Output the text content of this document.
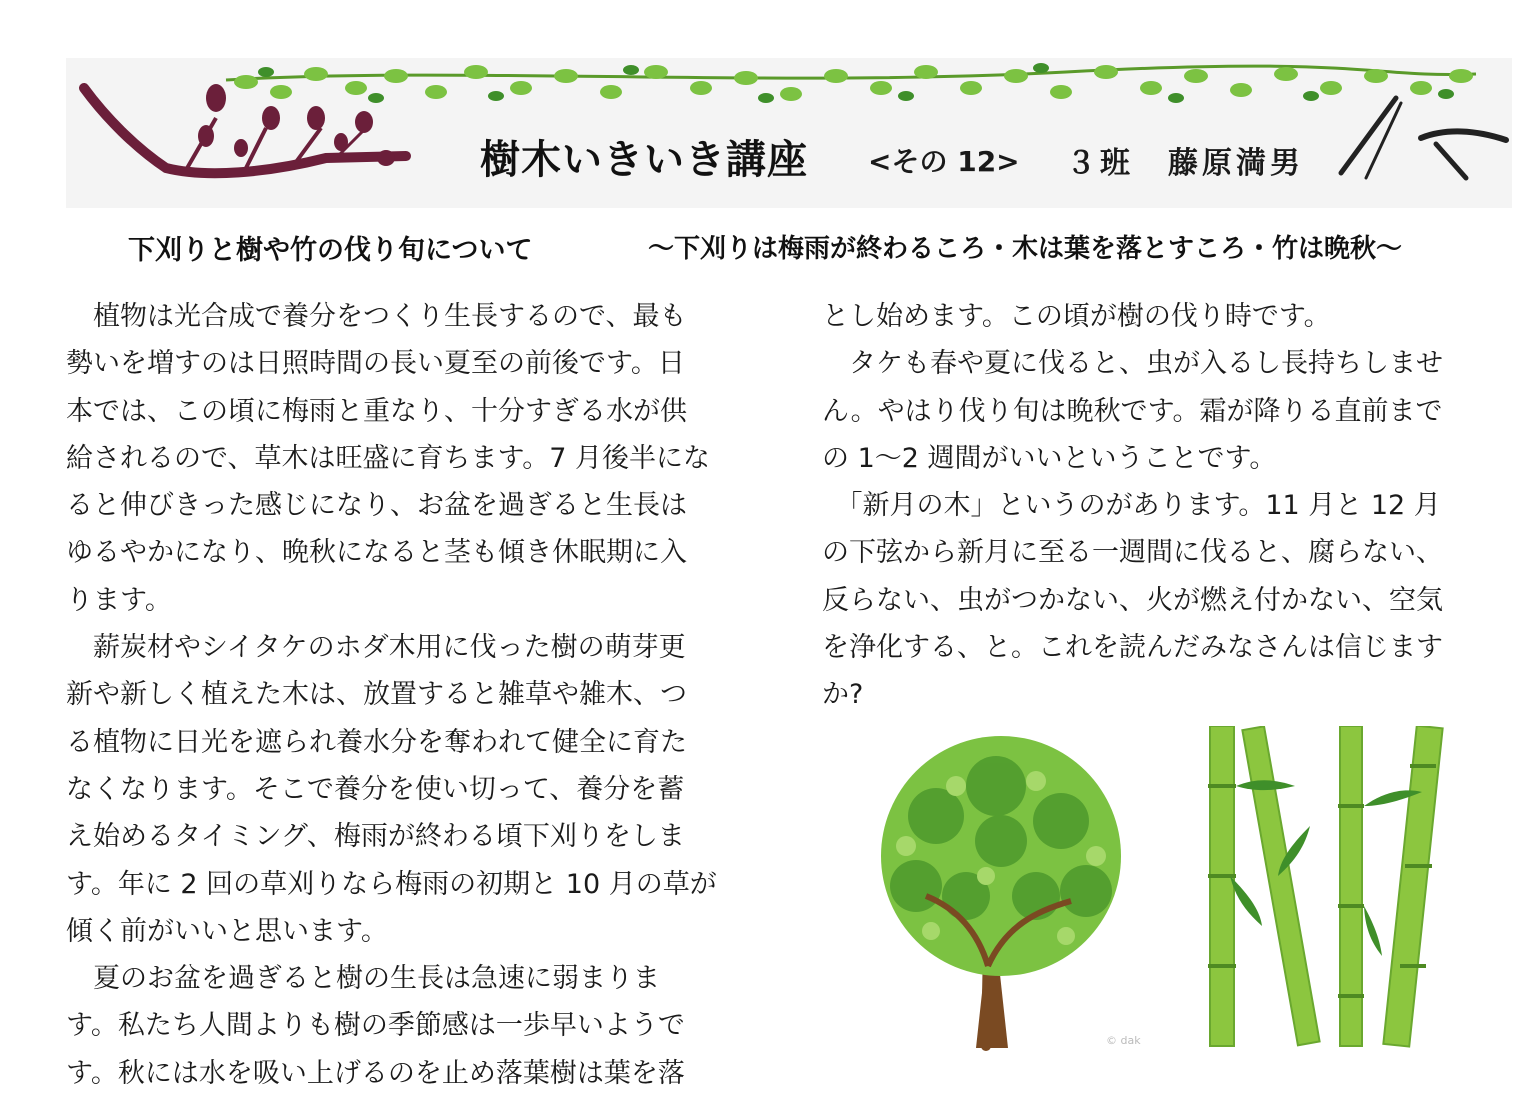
樹木いきいき講座 <その 12> ３班　藤原満男
下刈りと樹や竹の伐り旬について	～下刈りは梅雨が終わるころ・木は葉を落とすころ・竹は晩秋～
　植物は光合成で養分をつくり生長するので、最も
勢いを増すのは日照時間の長い夏至の前後です。日
本では、この頃に梅雨と重なり、十分すぎる水が供
給されるので、草木は旺盛に育ちます。7 月後半にな
ると伸びきった感じになり、お盆を過ぎると生長は
ゆるやかになり、晩秋になると茎も傾き休眠期に入
ります。
　薪炭材やシイタケのホダ木用に伐った樹の萌芽更
新や新しく植えた木は、放置すると雑草や雑木、つ
る植物に日光を遮られ養水分を奪われて健全に育た
なくなります。そこで養分を使い切って、養分を蓄
え始めるタイミング、梅雨が終わる頃下刈りをしま
す。年に 2 回の草刈りなら梅雨の初期と 10 月の草が
傾く前がいいと思います。
　夏のお盆を過ぎると樹の生長は急速に弱まりま
す。私たち人間よりも樹の季節感は一歩早いようで
す。秋には水を吸い上げるのを止め落葉樹は葉を落
とし始めます。この頃が樹の伐り時です。
　タケも春や夏に伐ると、虫が入るし長持ちしませ
ん。やはり伐り旬は晩秋です。霜が降りる直前まで
の 1～2 週間がいいということです。
　「新月の木」というのがあります。11 月と 12 月
の下弦から新月に至る一週間に伐ると、腐らない、
反らない、虫がつかない、火が燃え付かない、空気
を浄化する、と。これを読んだみなさんは信じます
か?
© dak
